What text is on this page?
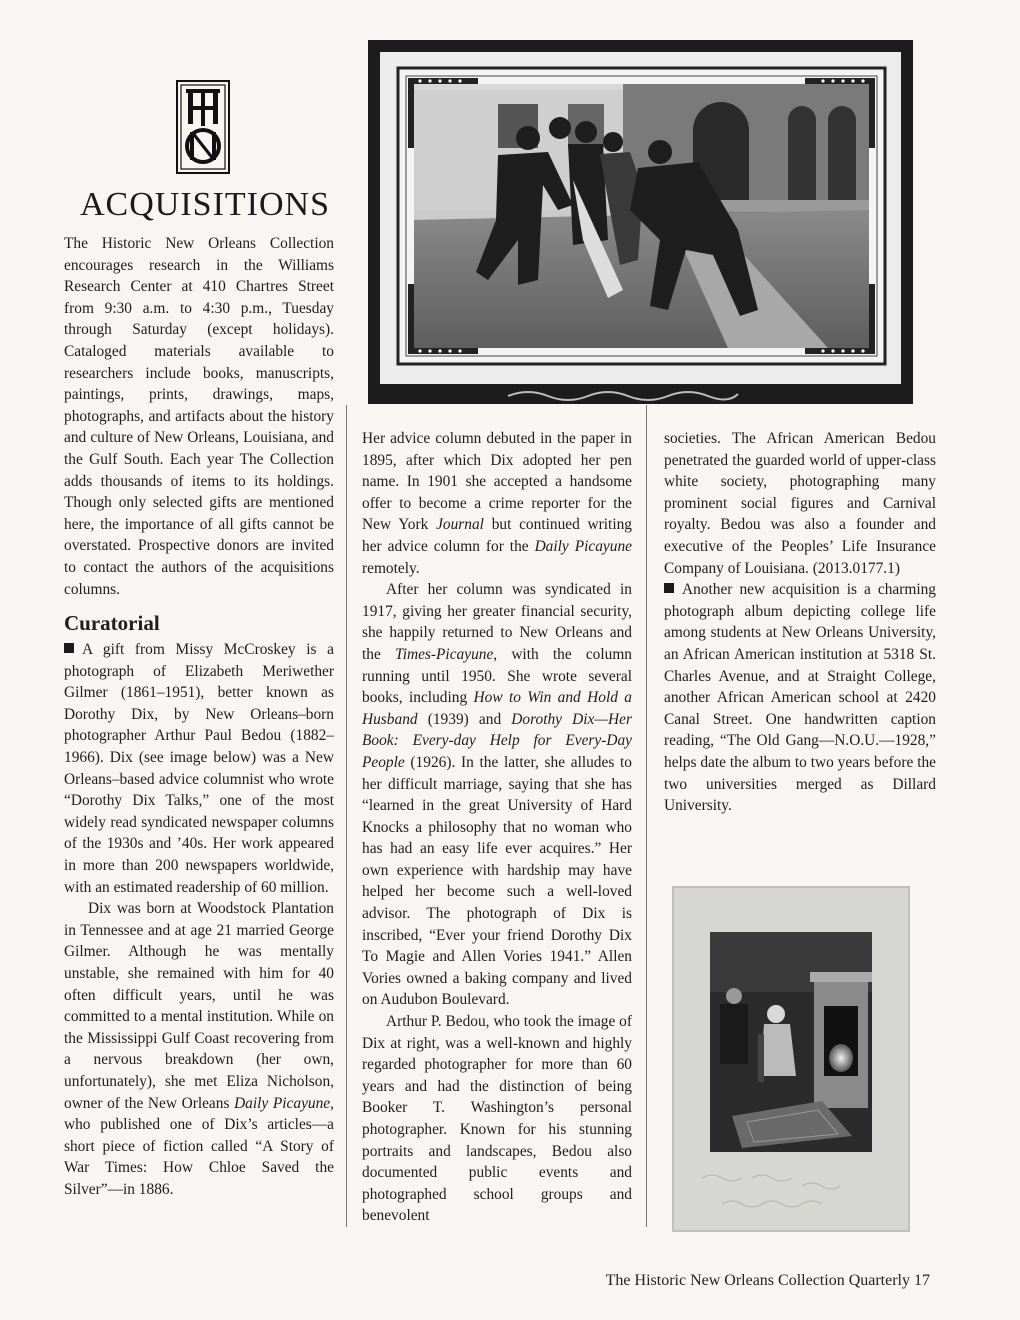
ACQUISITIONS

The Historic New Orleans Collection encourages research in the Williams Research Center at 410 Chartres Street from 9:30 a.m. to 4:30 p.m., Tuesday through Saturday (except holidays). Cataloged materials available to researchers include books, manuscripts, paintings, prints, drawings, maps, photographs, and artifacts about the history and culture of New Orleans, Louisiana, and the Gulf South. Each year The Collection adds thousands of items to its holdings. Though only selected gifts are mentioned here, the importance of all gifts cannot be overstated. Prospective donors are invited to contact the authors of the acquisitions columns.

Curatorial

A gift from Missy McCroskey is a photograph of Elizabeth Meriwether Gilmer (1861–1951), better known as Dorothy Dix, by New Orleans–born photographer Arthur Paul Bedou (1882–1966). Dix (see image below) was a New Orleans–based advice columnist who wrote “Dorothy Dix Talks,” one of the most widely read syndicated newspaper columns of the 1930s and ’40s. Her work appeared in more than 200 newspapers worldwide, with an estimated readership of 60 million.

Dix was born at Woodstock Plantation in Tennessee and at age 21 married George Gilmer. Although he was mentally unstable, she remained with him for 40 often difficult years, until he was committed to a mental institution. While on the Mississippi Gulf Coast recovering from a nervous breakdown (her own, unfortunately), she met Eliza Nicholson, owner of the New Orleans Daily Picayune, who published one of Dix’s articles—a short piece of fiction called “A Story of War Times: How Chloe Saved the Silver”—in 1886.

Her advice column debuted in the paper in 1895, after which Dix adopted her pen name. In 1901 she accepted a handsome offer to become a crime reporter for the New York Journal but continued writing her advice column for the Daily Picayune remotely.

After her column was syndicated in 1917, giving her greater financial security, she happily returned to New Orleans and the Times-Picayune, with the column running until 1950. She wrote several books, including How to Win and Hold a Husband (1939) and Dorothy Dix—Her Book: Every-day Help for Every-Day People (1926). In the latter, she alludes to her difficult marriage, saying that she has “learned in the great University of Hard Knocks a philosophy that no woman who has had an easy life ever acquires.” Her own experience with hardship may have helped her become such a well-loved advisor. The photograph of Dix is inscribed, “Ever your friend Dorothy Dix To Magie and Allen Vories 1941.” Allen Vories owned a baking company and lived on Audubon Boulevard.

Arthur P. Bedou, who took the image of Dix at right, was a well-known and highly regarded photographer for more than 60 years and had the distinction of being Booker T. Washington’s personal photographer. Known for his stunning portraits and landscapes, Bedou also documented public events and photographed school groups and benevolent

societies. The African American Bedou penetrated the guarded world of upper-class white society, photographing many prominent social figures and Carnival royalty. Bedou was also a founder and executive of the Peoples’ Life Insurance Company of Louisiana. (2013.0177.1)

Another new acquisition is a charming photograph album depicting college life among students at New Orleans University, an African American institution at 5318 St. Charles Avenue, and at Straight College, another African American school at 2420 Canal Street. One handwritten caption reading, “The Old Gang—N.O.U.—1928,” helps date the album to two years before the two universities merged as Dillard University.

The Historic New Orleans Collection Quarterly 17
